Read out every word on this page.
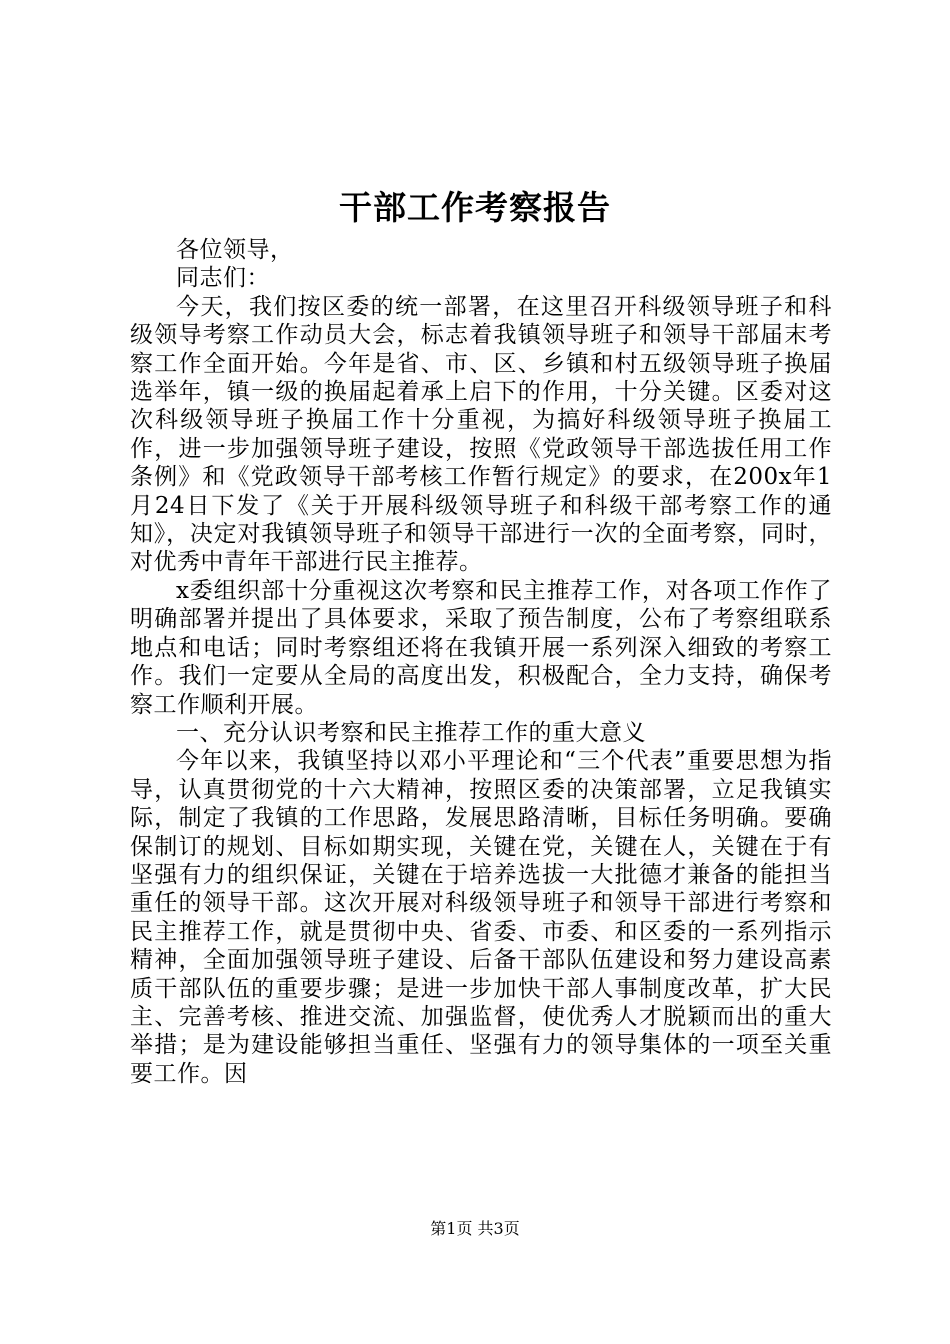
干部工作考察报告

各位领导，

同志们：

今天，我们按区委的统一部署，在这里召开科级领导班子和科级领导考察工作动员大会，标志着我镇领导班子和领导干部届末考察工作全面开始。今年是省、市、区、乡镇和村五级领导班子换届选举年，镇一级的换届起着承上启下的作用，十分关键。区委对这次科级领导班子换届工作十分重视，为搞好科级领导班子换届工作，进一步加强领导班子建设，按照《党政领导干部选拔任用工作条例》和《党政领导干部考核工作暂行规定》的要求，在200x年1月24日下发了《关于开展科级领导班子和科级干部考察工作的通知》，决定对我镇领导班子和领导干部进行一次的全面考察，同时，对优秀中青年干部进行民主推荐。

x委组织部十分重视这次考察和民主推荐工作，对各项工作作了明确部署并提出了具体要求，采取了预告制度，公布了考察组联系地点和电话；同时考察组还将在我镇开展一系列深入细致的考察工作。我们一定要从全局的高度出发，积极配合，全力支持，确保考察工作顺利开展。

一、充分认识考察和民主推荐工作的重大意义

今年以来，我镇坚持以邓小平理论和“三个代表”重要思想为指导，认真贯彻党的十六大精神，按照区委的决策部署，立足我镇实际，制定了我镇的工作思路，发展思路清晰，目标任务明确。要确保制订的规划、目标如期实现，关键在党，关键在人，关键在于有坚强有力的组织保证，关键在于培养选拔一大批德才兼备的能担当重任的领导干部。这次开展对科级领导班子和领导干部进行考察和民主推荐工作，就是贯彻中央、省委、市委、和区委的一系列指示精神，全面加强领导班子建设、后备干部队伍建设和努力建设高素质干部队伍的重要步骤；是进一步加快干部人事制度改革，扩大民主、完善考核、推进交流、加强监督，使优秀人才脱颖而出的重大举措；是为建设能够担当重任、坚强有力的领导集体的一项至关重要工作。因

第1页 共3页
